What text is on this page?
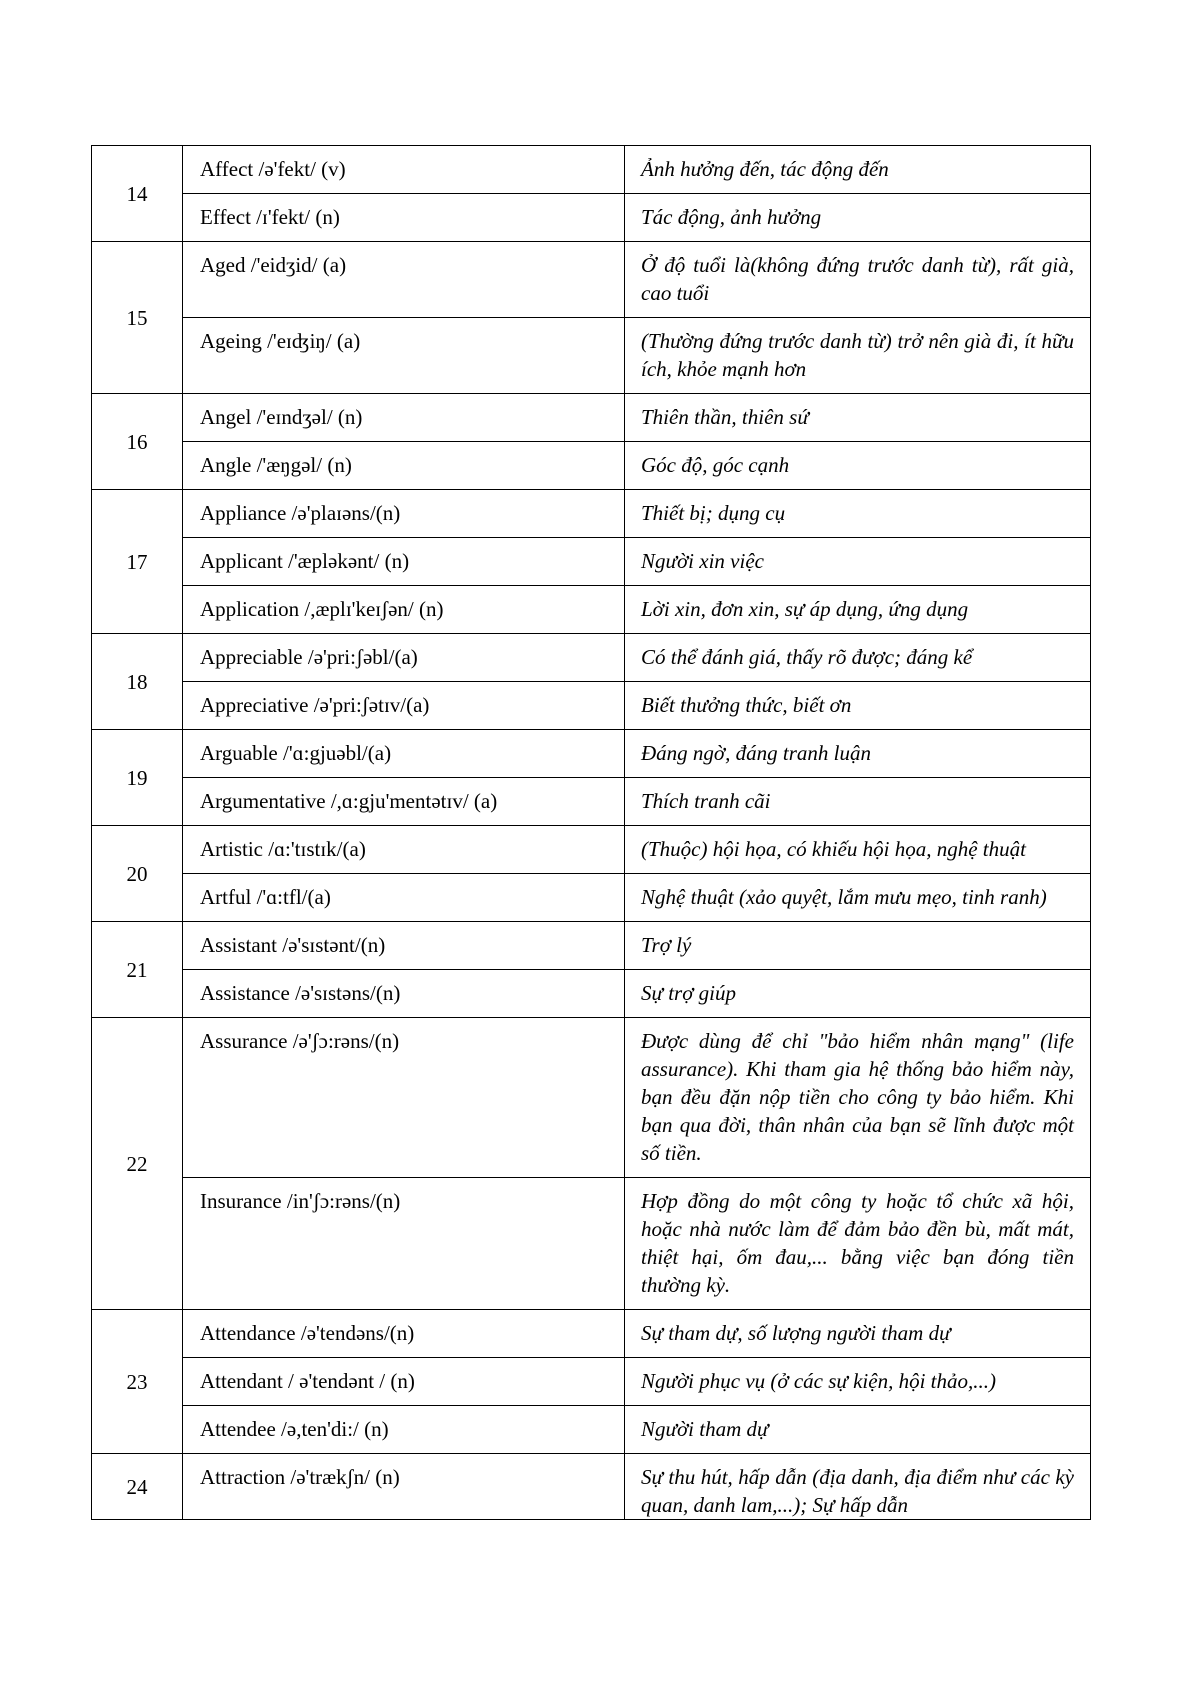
14	Affect /ə'fekt/ (v)	Ảnh hưởng đến, tác động đến

	Effect /ɪ'fekt/ (n)	Tác động, ảnh hưởng

15	Aged /'eidʒid/ (a)	Ở độ tuổi là(không đứng trước danh từ), rất già, cao tuổi

	Ageing /'eɪʤiŋ/ (a)	(Thường đứng trước danh từ) trở nên già đi, ít hữu ích, khỏe mạnh hơn

16	Angel /'eɪndʒəl/ (n)	Thiên thần, thiên sứ

	Angle /'æŋgəl/ (n)	Góc độ, góc cạnh

17	Appliance /ə'plaɪəns/(n)	Thiết bị; dụng cụ

	Applicant /'æpləkənt/ (n)	Người xin việc

	Application /,æplɪ'keɪʃən/ (n)	Lời xin, đơn xin, sự áp dụng, ứng dụng

18	Appreciable /ə'pri:ʃəbl/(a)	Có thể đánh giá, thấy rõ được; đáng kể

	Appreciative /ə'pri:ʃətɪv/(a)	Biết thưởng thức, biết ơn

19	Arguable /'ɑ:gjuəbl/(a)	Đáng ngờ, đáng tranh luận

	Argumentative /,ɑ:gju'mentətɪv/ (a)	Thích tranh cãi

20	Artistic /ɑ:'tɪstɪk/(a)	(Thuộc) hội họa, có khiếu hội họa, nghệ thuật

	Artful /'ɑ:tfl/(a)	Nghệ thuật (xảo quyệt, lắm mưu mẹo, tinh ranh)

21	Assistant /ə'sɪstənt/(n)	Trợ lý

	Assistance /ə'sɪstəns/(n)	Sự trợ giúp

22	Assurance /ə'ʃɔ:rəns/(n)	Được dùng để chỉ "bảo hiểm nhân mạng" (life assurance). Khi tham gia hệ thống bảo hiểm này, bạn đều đặn nộp tiền cho công ty bảo hiểm. Khi bạn qua đời, thân nhân của bạn sẽ lĩnh được một số tiền.

	Insurance /in'ʃɔ:rəns/(n)	Hợp đồng do một công ty hoặc tổ chức xã hội, hoặc nhà nước làm để đảm bảo đền bù, mất mát, thiệt hại, ốm đau,... bằng việc bạn đóng tiền thường kỳ.

23	Attendance /ə'tendəns/(n)	Sự tham dự, số lượng người tham dự

	Attendant / ə'tendənt / (n)	Người phục vụ (ở các sự kiện, hội thảo,...)

	Attendee /ə,ten'di:/ (n)	Người tham dự

24	Attraction /ə'trækʃn/ (n)	Sự thu hút, hấp dẫn (địa danh, địa điểm như các kỳ quan, danh lam,...); Sự hấp dẫn
